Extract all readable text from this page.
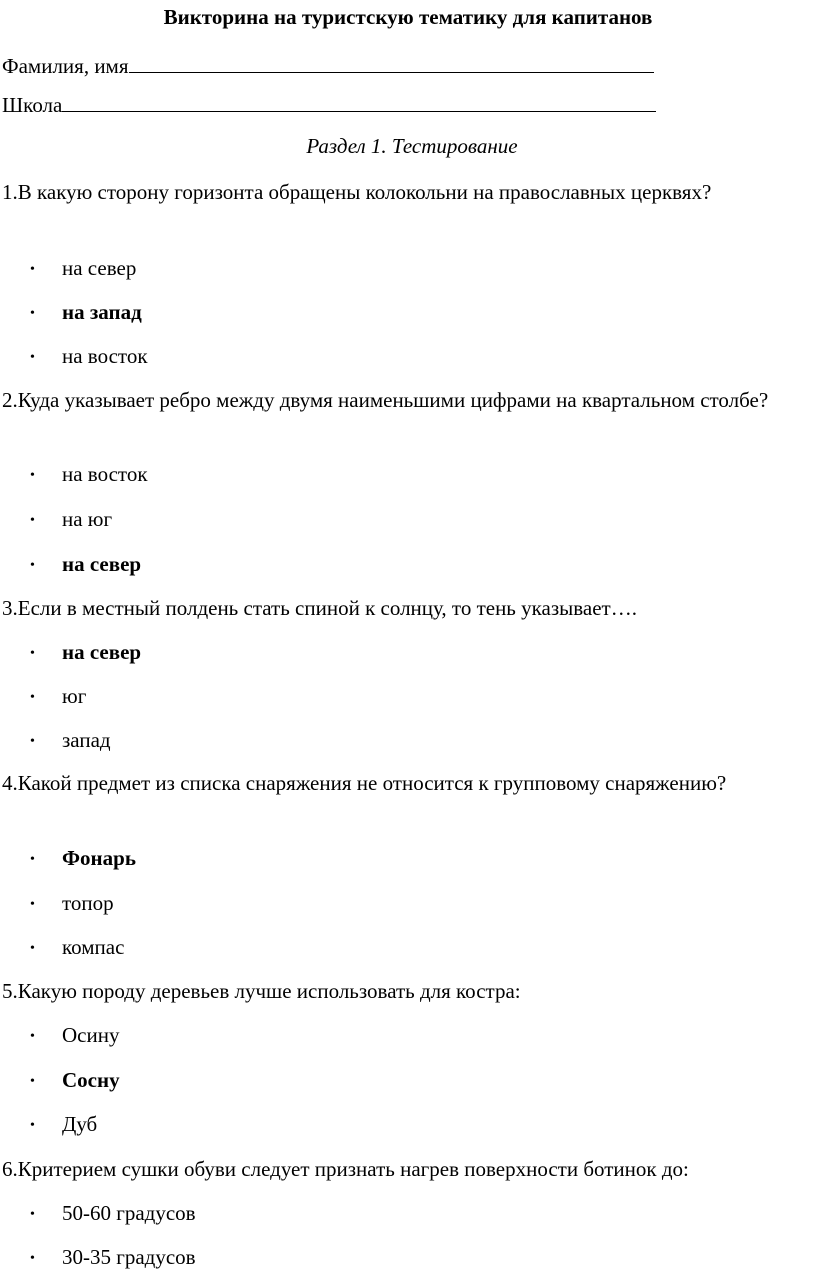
Викторина на туристскую тематику для капитанов
Фамилия, имя
Школа
Раздел 1. Тестирование
1.В какую сторону горизонта обращены колокольни на православных церквях?
• на север
• на запад
• на восток
2.Куда указывает ребро между двумя наименьшими цифрами на квартальном столбе?
• на восток
• на юг
• на север
3.Если в местный полдень стать спиной к солнцу, то тень указывает….
• на север
• юг
• запад
4.Какой предмет из списка снаряжения не относится к групповому снаряжению?
• Фонарь
• топор
• компас
5.Какую породу деревьев лучше использовать для костра:
• Осину
• Сосну
• Дуб
6.Критерием сушки обуви следует признать нагрев поверхности ботинок до:
• 50-60 градусов
• 30-35 градусов
